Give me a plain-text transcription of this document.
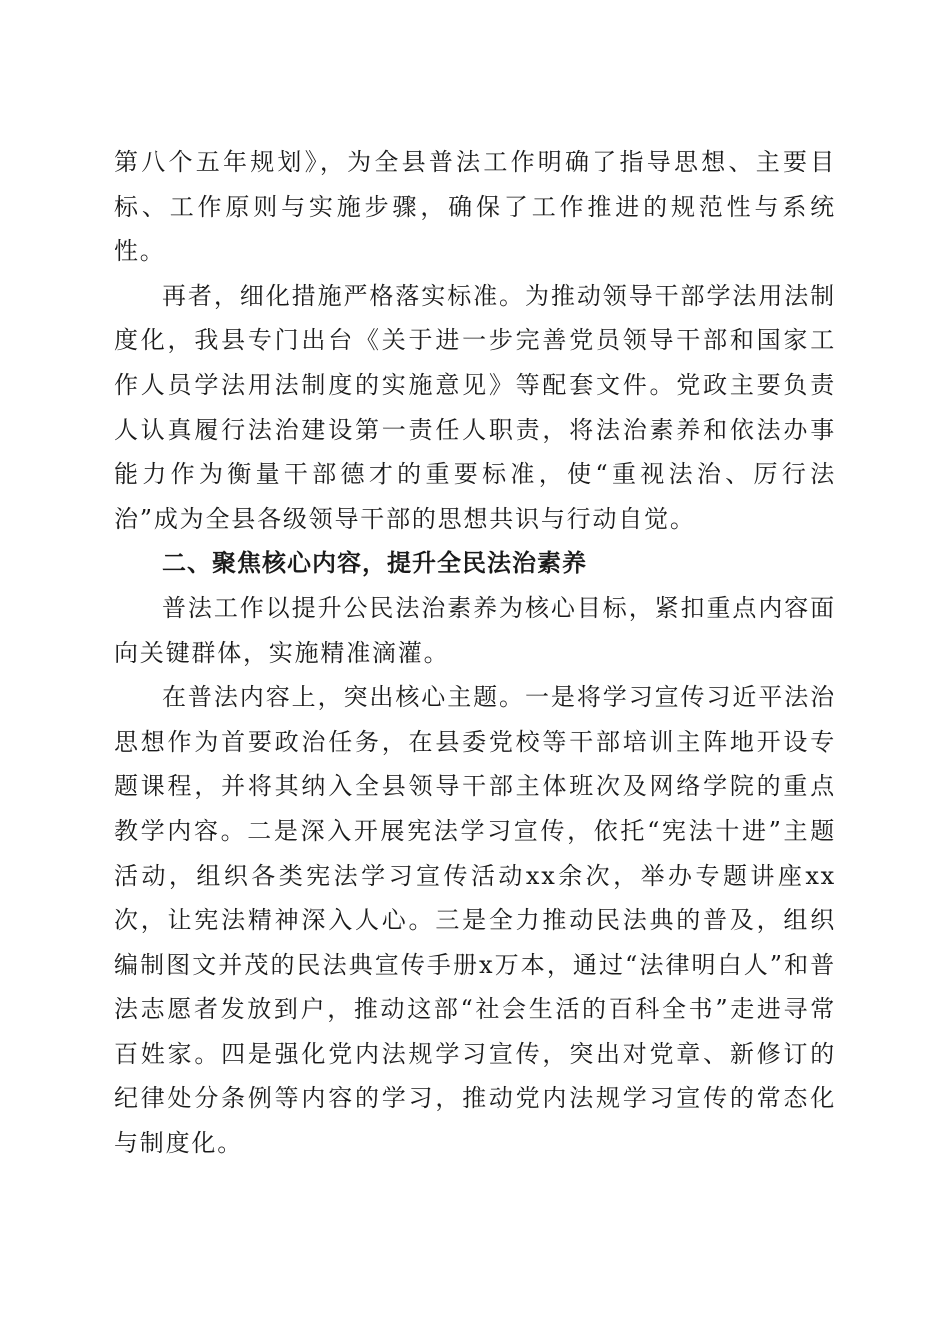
第八个五年规划》，为全县普法工作明确了指导思想、主要目标、工作原则与实施步骤，确保了工作推进的规范性与系统性。

再者，细化措施严格落实标准。为推动领导干部学法用法制度化，我县专门出台《关于进一步完善党员领导干部和国家工作人员学法用法制度的实施意见》等配套文件。党政主要负责人认真履行法治建设第一责任人职责，将法治素养和依法办事能力作为衡量干部德才的重要标准，使“重视法治、厉行法治”成为全县各级领导干部的思想共识与行动自觉。

二、聚焦核心内容，提升全民法治素养

普法工作以提升公民法治素养为核心目标，紧扣重点内容面向关键群体，实施精准滴灌。

在普法内容上，突出核心主题。一是将学习宣传习近平法治思想作为首要政治任务，在县委党校等干部培训主阵地开设专题课程，并将其纳入全县领导干部主体班次及网络学院的重点教学内容。二是深入开展宪法学习宣传，依托“宪法十进”主题活动，组织各类宪法学习宣传活动xx余次，举办专题讲座xx次，让宪法精神深入人心。三是全力推动民法典的普及，组织编制图文并茂的民法典宣传手册x万本，通过“法律明白人”和普法志愿者发放到户，推动这部“社会生活的百科全书”走进寻常百姓家。四是强化党内法规学习宣传，突出对党章、新修订的纪律处分条例等内容的学习，推动党内法规学习宣传的常态化与制度化。
